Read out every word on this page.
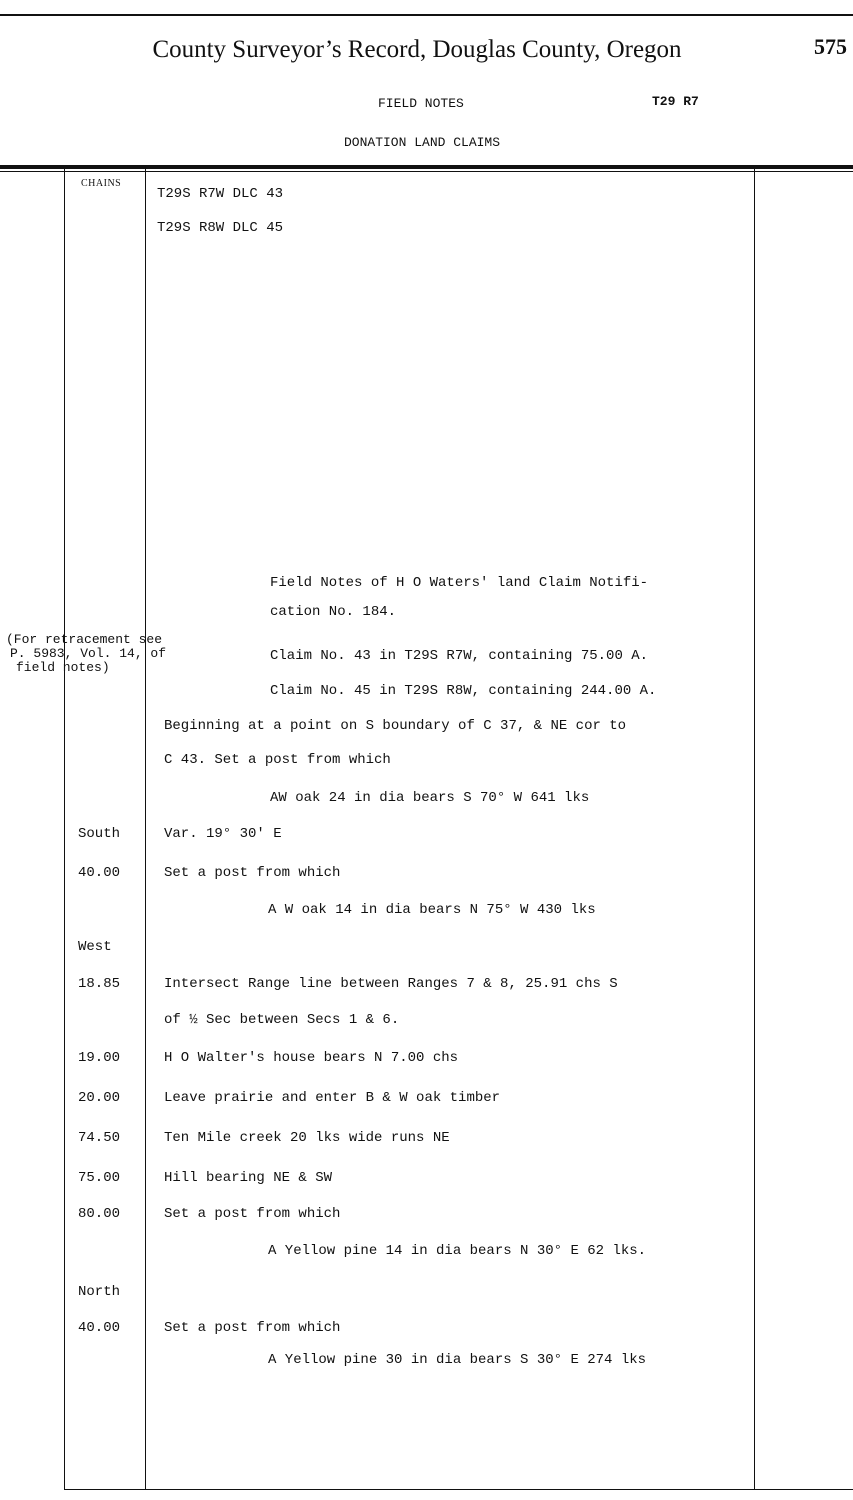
County Surveyor’s Record, Douglas County, Oregon	575
FIELD NOTES	T29 R7
DONATION LAND CLAIMS
CHAINS
(For retracement see
P. 5983, Vol. 14, of
field notes)
T29S R7W DLC 43
T29S R8W DLC 45
Field Notes of H O Waters' land Claim Notifi-
cation No. 184.
Claim No. 43 in T29S R7W, containing 75.00 A.
Claim No. 45 in T29S R8W, containing 244.00 A.
Beginning at a point on S boundary of C 37, & NE cor to
C 43. Set a post from which
AW oak 24 in dia bears S 70° W 641 lks
South	Var. 19° 30' E
40.00	Set a post from which
A W oak 14 in dia bears N 75° W 430 lks
West
18.85	Intersect Range line between Ranges 7 & 8, 25.91 chs S
of ½ Sec between Secs 1 & 6.
19.00	H O Walter's house bears N 7.00 chs
20.00	Leave prairie and enter B & W oak timber
74.50	Ten Mile creek 20 lks wide runs NE
75.00	Hill bearing NE & SW
80.00	Set a post from which
A Yellow pine 14 in dia bears N 30° E 62 lks.
North
40.00	Set a post from which
A Yellow pine 30 in dia bears S 30° E 274 lks
